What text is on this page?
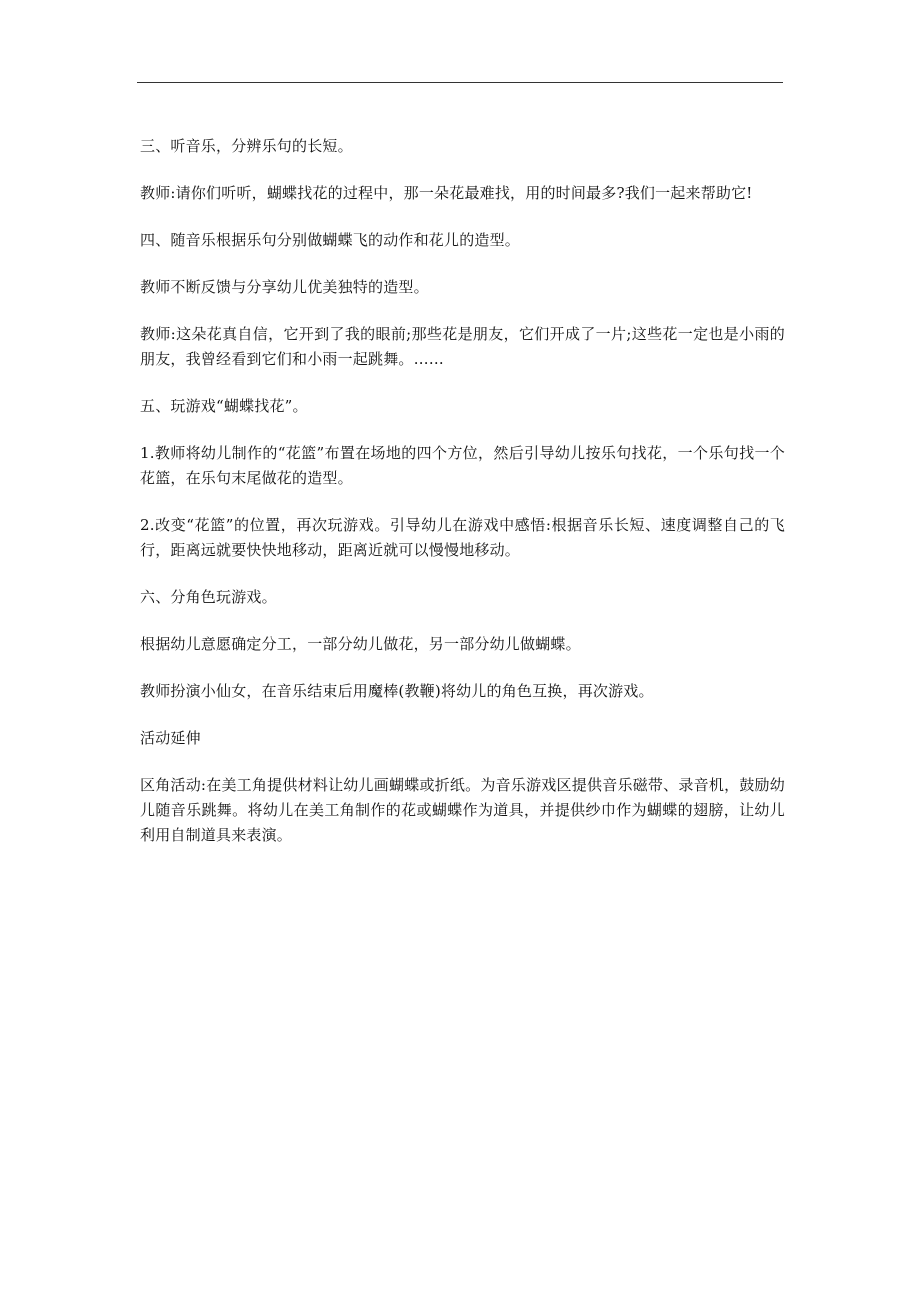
三、听音乐，分辨乐句的长短。

教师:请你们听听，蝴蝶找花的过程中，那一朵花最难找，用的时间最多?我们一起来帮助它!

四、随音乐根据乐句分别做蝴蝶飞的动作和花儿的造型。

教师不断反馈与分享幼儿优美独特的造型。

教师:这朵花真自信，它开到了我的眼前;那些花是朋友，它们开成了一片;这些花一定也是小雨的朋友，我曾经看到它们和小雨一起跳舞。……

五、玩游戏“蝴蝶找花”。

1.教师将幼儿制作的“花篮”布置在场地的四个方位，然后引导幼儿按乐句找花，一个乐句找一个花篮，在乐句末尾做花的造型。

2.改变“花篮”的位置，再次玩游戏。引导幼儿在游戏中感悟:根据音乐长短、速度调整自己的飞行，距离远就要快快地移动，距离近就可以慢慢地移动。

六、分角色玩游戏。

根据幼儿意愿确定分工，一部分幼儿做花，另一部分幼儿做蝴蝶。

教师扮演小仙女，在音乐结束后用魔棒(教鞭)将幼儿的角色互换，再次游戏。

活动延伸

区角活动:在美工角提供材料让幼儿画蝴蝶或折纸。为音乐游戏区提供音乐磁带、录音机，鼓励幼儿随音乐跳舞。将幼儿在美工角制作的花或蝴蝶作为道具，并提供纱巾作为蝴蝶的翅膀，让幼儿利用自制道具来表演。
